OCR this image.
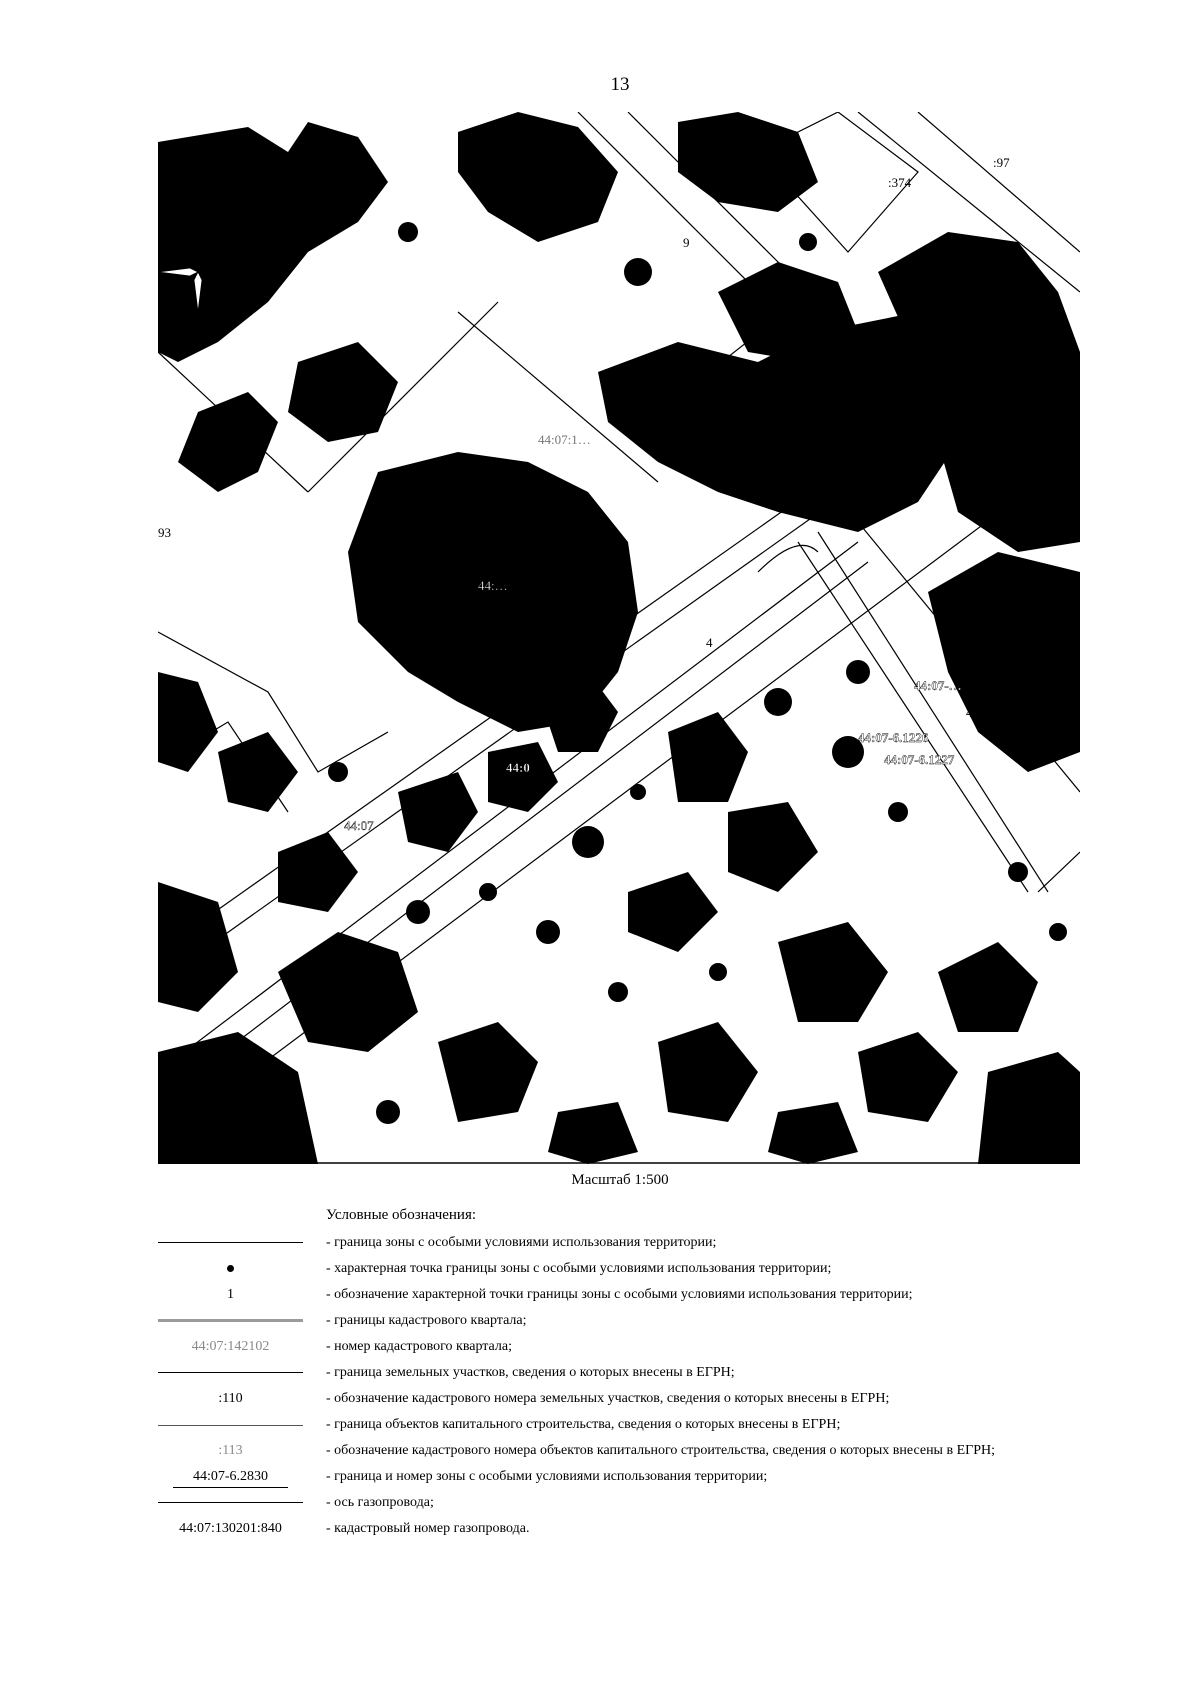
13
:374
:97
9
44:07:1…
44:…
4
44:07-6.1226
44:07-6.1227
44:07-…
44:0
44:07
93
4
Масштаб 1:500
Условные обозначения:
- граница зоны с особыми условиями использования территории;
- характерная точка границы зоны с особыми условиями использования территории;
1	- обозначение характерной точки границы зоны с особыми условиями использования территории;
- границы кадастрового квартала;
44:07:142102	- номер кадастрового квартала;
- граница земельных участков, сведения о которых внесены в ЕГРН;
:110	- обозначение кадастрового номера земельных участков, сведения о которых внесены в ЕГРН;
- граница объектов капитального строительства, сведения о которых внесены в ЕГРН;
:113	- обозначение кадастрового номера объектов капитального строительства, сведения о которых внесены в ЕГРН;
44:07-6.2830	- граница и номер зоны с особыми условиями использования территории;
- ось газопровода;
44:07:130201:840	- кадастровый номер газопровода.
